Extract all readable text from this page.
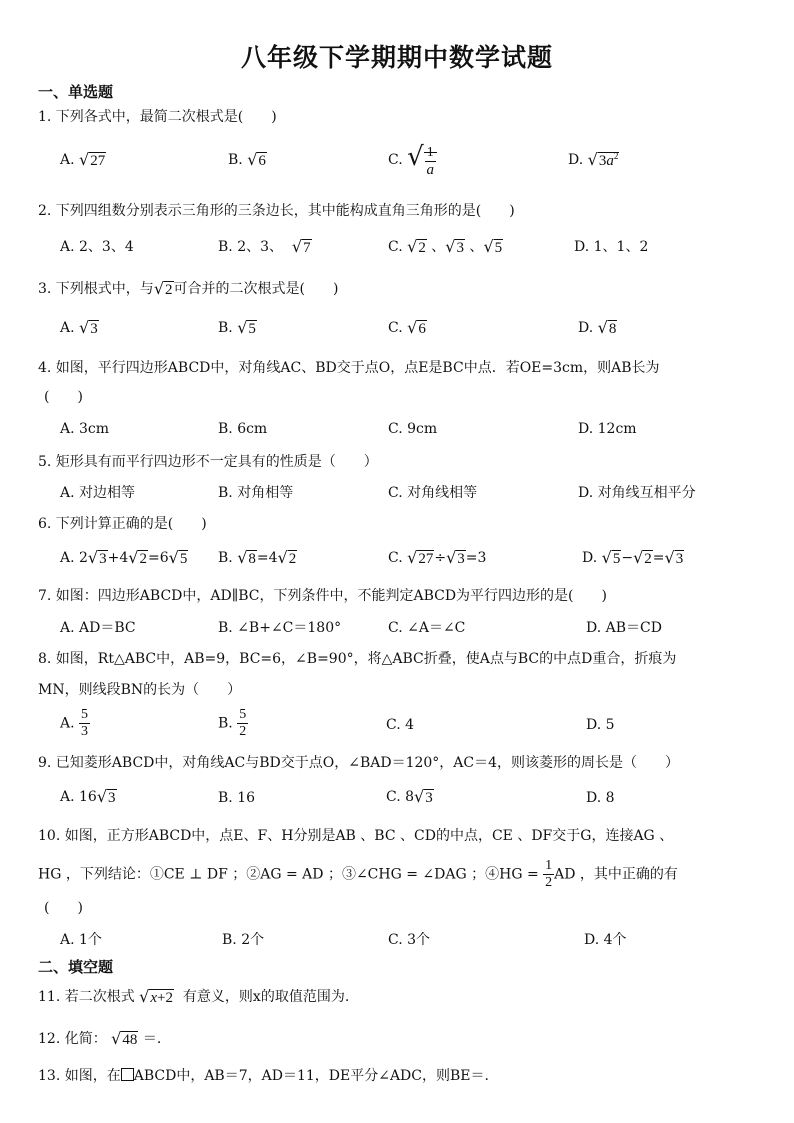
八年级下学期期中数学试题
一、单选题
1. 下列各式中，最简二次根式是(　　)
A. √27	B. √6	C. √ $\frac{1}{a}$	D. $√3a^2$
2. 下列四组数分别表示三角形的三条边长，其中能构成直角三角形的是(　　)
A. 2、3、4	B. 2、3、 √7	C. √2 、√3 、√5	D. 1、1、2
3. 下列根式中，与√2可合并的二次根式是(　　)
A. √3	B. √5	C. √6	D. √8
4. 如图，平行四边形ABCD中，对角线AC、BD交于点O，点E是BC中点．若OE=3cm，则AB长为
(　　)
A. 3cm	B. 6cm	C. 9cm	D. 12cm
5. 矩形具有而平行四边形不一定具有的性质是（　　）
A. 对边相等	B. 对角相等	C. 对角线相等	D. 对角线互相平分
6. 下列计算正确的是(　　)
A. 2√3+4√2=6√5 B. √8=4√2	C. √27÷√3=3	D. √5−√2=√3
7. 如图：四边形ABCD中，AD∥BC，下列条件中，不能判定ABCD为平行四边形的是(　　)
A. AD＝BC	B. ∠B+∠C＝180°	C. ∠A＝∠C	D. AB＝CD
8. 如图，Rt△ABC中，AB=9，BC=6，∠B=90°，将△ABC折叠，使A点与BC的中点D重合，折痕为
MN，则线段BN的长为（　　）
A. $\frac{5}{3}$	B. $\frac{5}{2}$	C. 4	D. 5
9. 已知菱形ABCD中，对角线AC与BD交于点O，∠BAD＝120°，AC＝4，则该菱形的周长是（　　）
A. 16√3	B. 16	C. 8√3	D. 8
10. 如图，正方形ABCD中，点E、F、H分别是AB 、BC 、CD的中点，CE 、DF交于G，连接AG 、
HG ，下列结论：①CE ⊥ DF ；②AG = AD ；③∠CHG = ∠DAG ；④HG = $\frac{1}{2}$ AD ，其中正确的有
(　　)
A. 1个	B. 2个	C. 3个	D. 4个
二、填空题
11. 若二次根式 √x+2 有意义，则x的取值范围为.
12. 化简： √48 ＝.
13. 如图，在 ABCD中，AB＝7，AD＝11，DE平分∠ADC，则BE＝.
